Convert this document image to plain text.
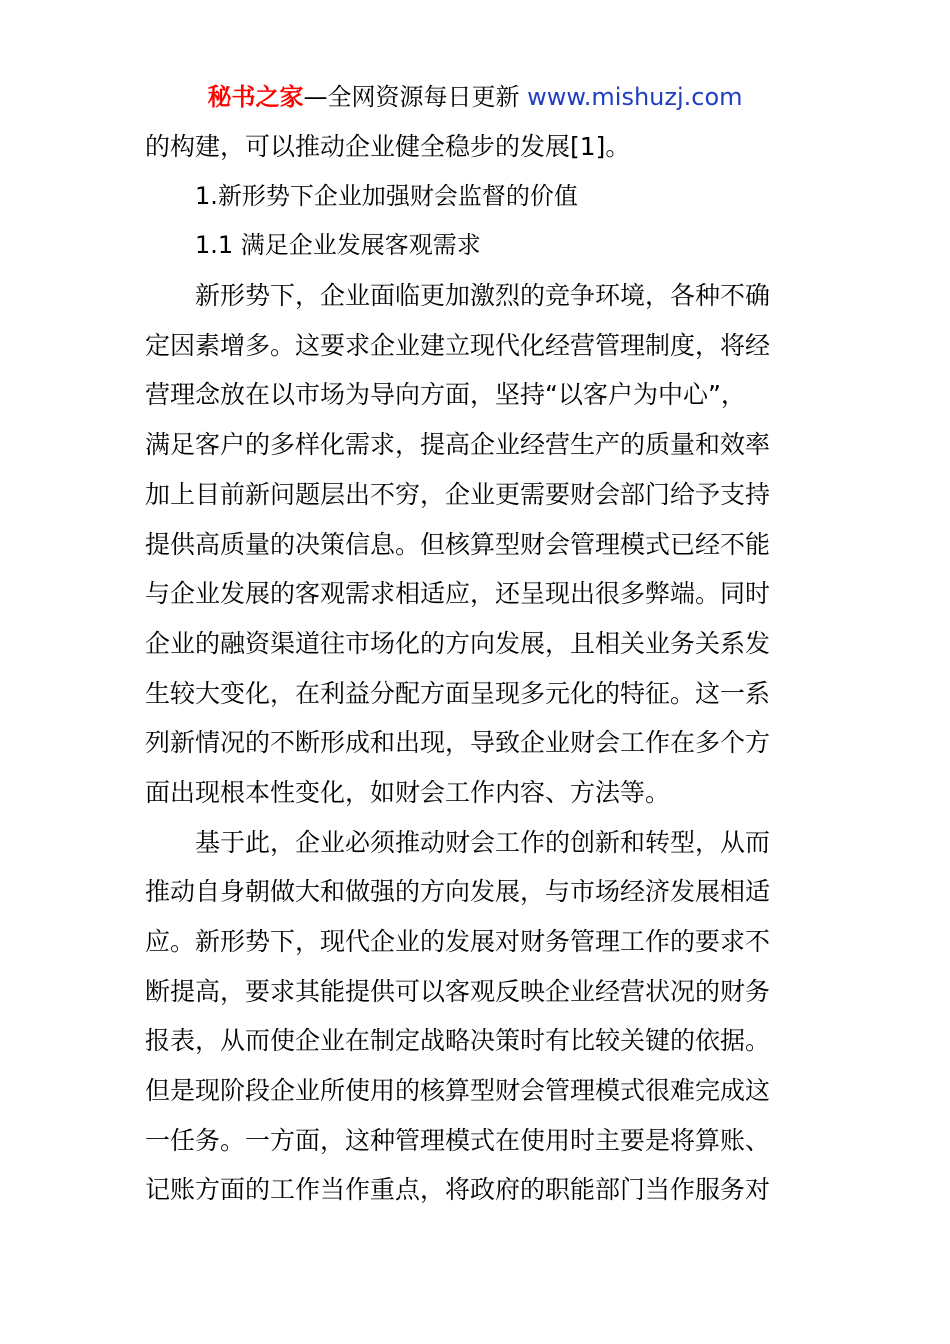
秘书之家—全网资源每日更新 www.mishuzj.com
的构建，可以推动企业健全稳步的发展[1]。
1.新形势下企业加强财会监督的价值
1.1 满足企业发展客观需求
新形势下，企业面临更加激烈的竞争环境，各种不确
定因素增多。这要求企业建立现代化经营管理制度，将经
营理念放在以市场为导向方面，坚持“以客户为中心”，
满足客户的多样化需求，提高企业经营生产的质量和效率
加上目前新问题层出不穷，企业更需要财会部门给予支持
提供高质量的决策信息。但核算型财会管理模式已经不能
与企业发展的客观需求相适应，还呈现出很多弊端。同时
企业的融资渠道往市场化的方向发展，且相关业务关系发
生较大变化，在利益分配方面呈现多元化的特征。这一系
列新情况的不断形成和出现，导致企业财会工作在多个方
面出现根本性变化，如财会工作内容、方法等。
基于此，企业必须推动财会工作的创新和转型，从而
推动自身朝做大和做强的方向发展，与市场经济发展相适
应。新形势下，现代企业的发展对财务管理工作的要求不
断提高，要求其能提供可以客观反映企业经营状况的财务
报表，从而使企业在制定战略决策时有比较关键的依据。
但是现阶段企业所使用的核算型财会管理模式很难完成这
一任务。一方面，这种管理模式在使用时主要是将算账、
记账方面的工作当作重点，将政府的职能部门当作服务对
